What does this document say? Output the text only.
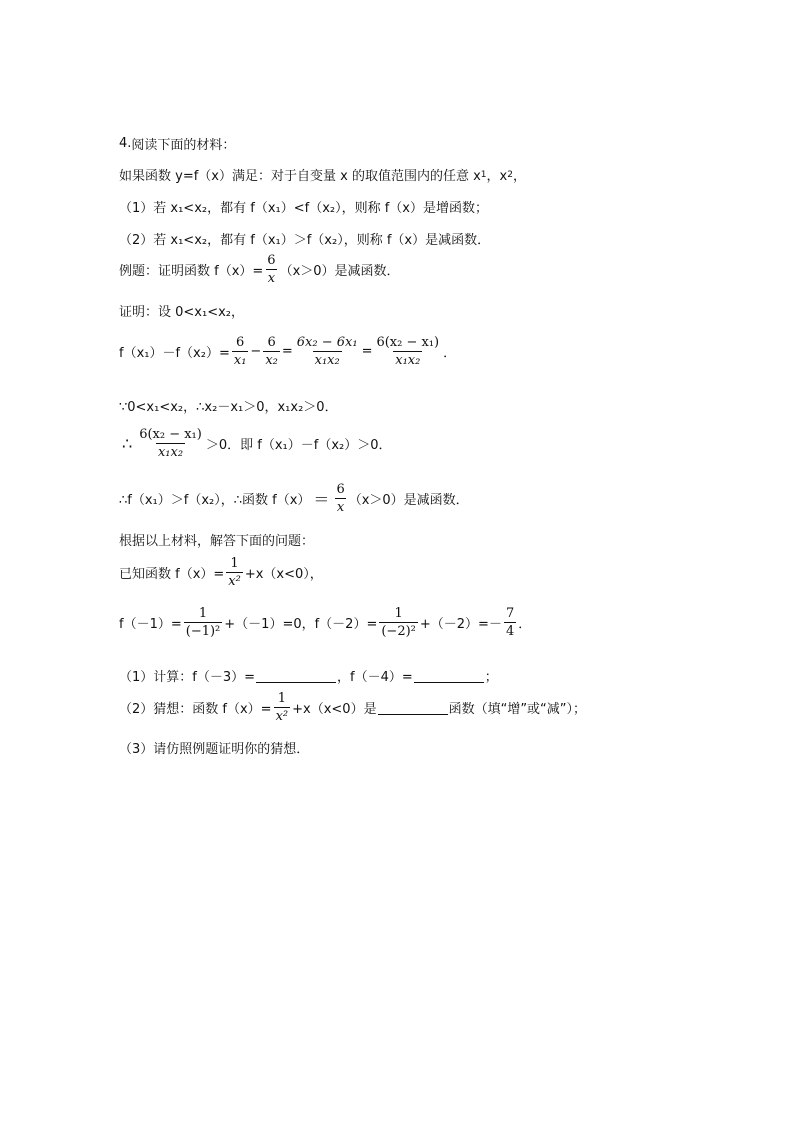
4. 阅读下面的材料：
如果函数 y=f（x）满足：对于自变量 x 的取值范围内的任意 x 1 ，x 2 ，
（1）若 x₁<x₂，都有 f（x₁）<f（x₂），则称 f（x）是增函数；
（2）若 x₁<x₂，都有 f（x₁）＞f（x₂），则称 f（x）是减函数．
例题：证明函数 $f(x)= \frac{6}{x} (x>0)$是减函数．
证明：设 0<x₁<x₂，
$f(x_1)-f(x_2)= \frac{6}{\text{x₁}} - \frac{6}{\text{x₂}} = \frac{\text{6x₂ − 6x₁}}{\text{x₁x₂}} = \frac{\text{6(x₂ − x₁)}}{\text{x₁x₂}}$ ．
∵0<x₁<x₂，∴x₂－x₁＞0，x₁x₂＞0．
∴ $\frac{\text{6(x₂ − x₁)}}{\text{x₁x₂}} >0$．即 f（x₁）－f（x₂）＞0．
∴f（x₁）＞f（x₂），∴函数 $f(x) = \frac{6}{x} (x>0)$是减函数．
根据以上材料，解答下面的问题：
已知函数 $f(x)= \frac{1}{\text{x²}} +x(x<0)$，
$f(-1)= \frac{1}{\text{(−1)²}} +(-1)=0$，$f(-2)= \frac{1}{\text{(−2)²}} +(-2)=- \frac{7}{4}$ ．
（1）计算：f（－3）=	，f（－4）=	；
（2）猜想：函数 $f(x)= \frac{1}{\text{x²}} +x(x<0)$是	函数（填“增”或“减”）；
（3）请仿照例题证明你的猜想．
